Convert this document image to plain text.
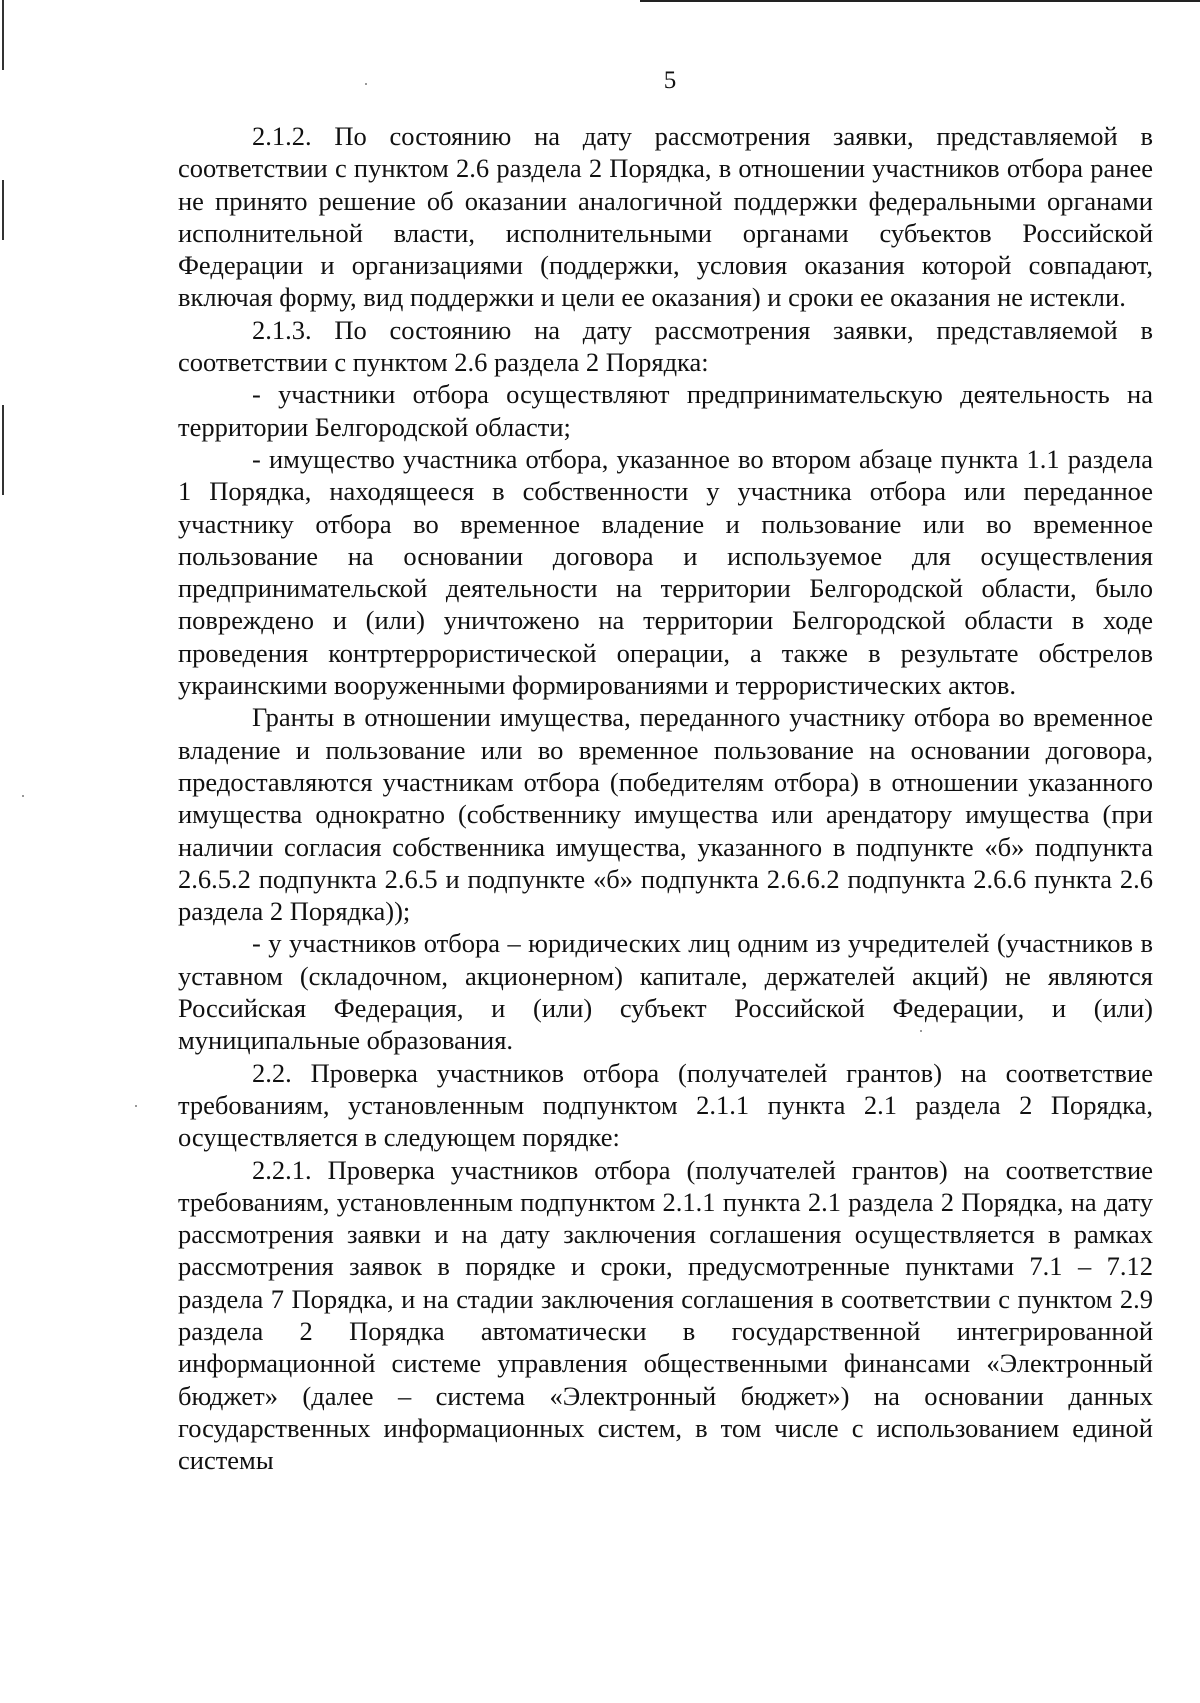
5

2.1.2. По состоянию на дату рассмотрения заявки, представляемой в соответствии с пунктом 2.6 раздела 2 Порядка, в отношении участников отбора ранее не принято решение об оказании аналогичной поддержки федеральными органами исполнительной власти, исполнительными органами субъектов Российской Федерации и организациями (поддержки, условия оказания которой совпадают, включая форму, вид поддержки и цели ее оказания) и сроки ее оказания не истекли.

2.1.3. По состоянию на дату рассмотрения заявки, представляемой в соответствии с пунктом 2.6 раздела 2 Порядка:

- участники отбора осуществляют предпринимательскую деятельность на территории Белгородской области;

- имущество участника отбора, указанное во втором абзаце пункта 1.1 раздела 1 Порядка, находящееся в собственности у участника отбора или переданное участнику отбора во временное владение и пользование или во временное пользование на основании договора и используемое для осуществления предпринимательской деятельности на территории Белгородской области, было повреждено и (или) уничтожено на территории Белгородской области в ходе проведения контртеррористической операции, а также в результате обстрелов украинскими вооруженными формированиями и террористических актов.

Гранты в отношении имущества, переданного участнику отбора во временное владение и пользование или во временное пользование на основании договора, предоставляются участникам отбора (победителям отбора) в отношении указанного имущества однократно (собственнику имущества или арендатору имущества (при наличии согласия собственника имущества, указанного в подпункте «б» подпункта 2.6.5.2 подпункта 2.6.5 и подпункте «б» подпункта 2.6.6.2 подпункта 2.6.6 пункта 2.6 раздела 2 Порядка));

- у участников отбора – юридических лиц одним из учредителей (участников в уставном (складочном, акционерном) капитале, держателей акций) не являются Российская Федерация, и (или) субъект Российской Федерации, и (или) муниципальные образования.

2.2. Проверка участников отбора (получателей грантов) на соответствие требованиям, установленным подпунктом 2.1.1 пункта 2.1 раздела 2 Порядка, осуществляется в следующем порядке:

2.2.1. Проверка участников отбора (получателей грантов) на соответствие требованиям, установленным подпунктом 2.1.1 пункта 2.1 раздела 2 Порядка, на дату рассмотрения заявки и на дату заключения соглашения осуществляется в рамках рассмотрения заявок в порядке и сроки, предусмотренные пунктами 7.1 – 7.12 раздела 7 Порядка, и на стадии заключения соглашения в соответствии с пунктом 2.9 раздела 2 Порядка автоматически в государственной интегрированной информационной системе управления общественными финансами «Электронный бюджет» (далее – система «Электронный бюджет») на основании данных государственных информационных систем, в том числе с использованием единой системы
